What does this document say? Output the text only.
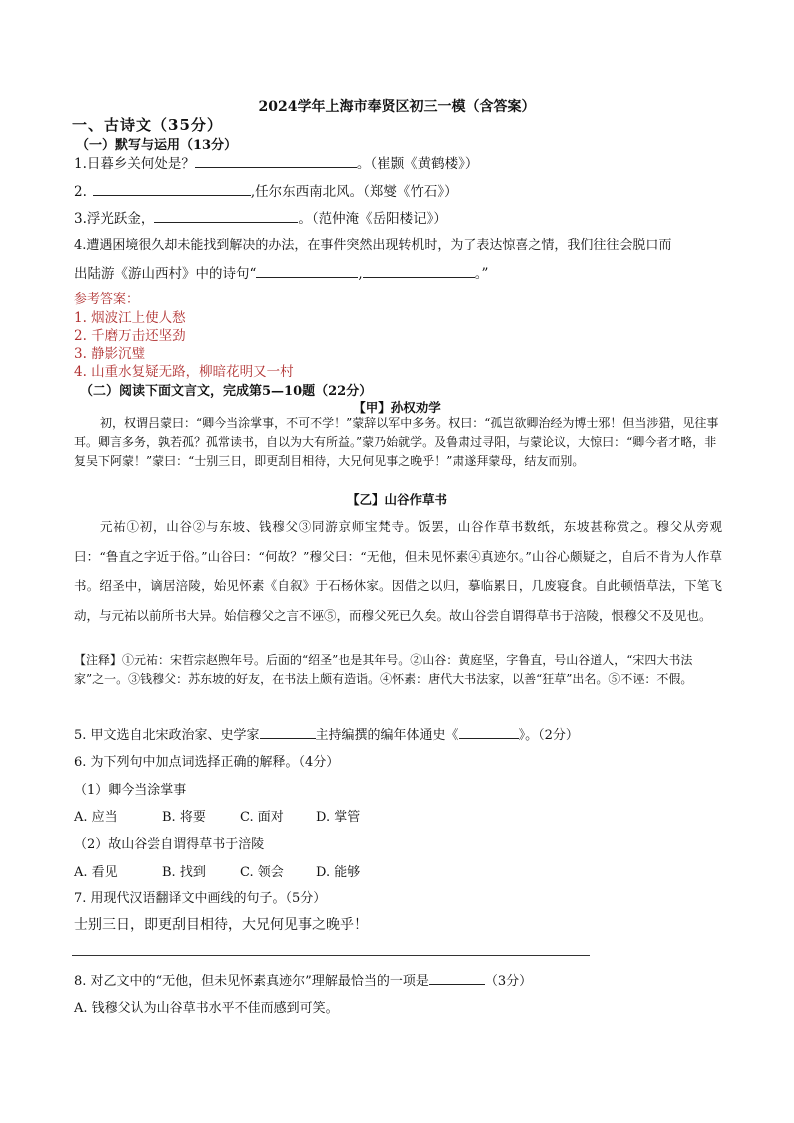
2024学年上海市奉贤区初三一模（含答案）
一、古诗文（35分）
（一）默写与运用（13分）
1.日暮乡关何处是？	。（崔颢《黄鹤楼》）
2.	,任尔东西南北风。（郑燮《竹石》）
3.浮光跃金，	。（范仲淹《岳阳楼记》）
4.遭遇困境很久却未能找到解决的办法，在事件突然出现转机时，为了表达惊喜之情，我们往往会脱口而
出陆游《游山西村》中的诗句“	,	。”
参考答案：
1. 烟波江上使人愁
2. 千磨万击还坚劲
3. 静影沉璧
4. 山重水复疑无路，柳暗花明又一村
（二）阅读下面文言文，完成第5—10题（22分）
【甲】孙权劝学
初，权谓吕蒙曰：“卿今当涂掌事，不可不学！”蒙辞以军中多务。权曰：“孤岂欲卿治经为博士邪！但当涉猎，见往事耳。卿言多务，孰若孤？孤常读书，自以为大有所益。”蒙乃始就学。及鲁肃过寻阳，与蒙论议，大惊曰：“卿今者才略，非复吴下阿蒙！”蒙曰：“士别三日，即更刮目相待，大兄何见事之晚乎！”肃遂拜蒙母，结友而别。
【乙】山谷作草书
元祐①初，山谷②与东坡、钱穆父③同游京师宝梵寺。饭罢，山谷作草书数纸，东坡甚称赏之。穆父从旁观曰：“鲁直之字近于俗。”山谷曰：“何故？”穆父曰：“无他，但未见怀素④真迹尔。”山谷心颇疑之，自后不肯为人作草书。绍圣中，谪居涪陵，始见怀素《自叙》于石杨休家。因借之以归，摹临累日，几废寝食。自此顿悟草法，下笔飞动，与元祐以前所书大异。始信穆父之言不诬⑤，而穆父死已久矣。故山谷尝自谓得草书于涪陵，恨穆父不及见也。
【注释】①元祐：宋哲宗赵煦年号。后面的“绍圣”也是其年号。②山谷：黄庭坚，字鲁直，号山谷道人，“宋四大书法家”之一。③钱穆父：苏东坡的好友，在书法上颇有造诣。④怀素：唐代大书法家，以善“狂草”出名。⑤不诬：不假。
5. 甲文选自北宋政治家、史学家	主持编撰的编年体通史《	》。（2分）
6. 为下列句中加点词选择正确的解释。（4分）
（1）卿今当涂掌事
A. 应当	B. 将要	C. 面对 D. 掌管
（2）故山谷尝自谓得草书于涪陵
A. 看见	B. 找到	C. 领会 D. 能够
7. 用现代汉语翻译文中画线的句子。（5分）
士别三日，即更刮目相待，大兄何见事之晚乎！
8. 对乙文中的“无他，但未见怀素真迹尔”理解最恰当的一项是	（3分）
A. 钱穆父认为山谷草书水平不佳而感到可笑。
